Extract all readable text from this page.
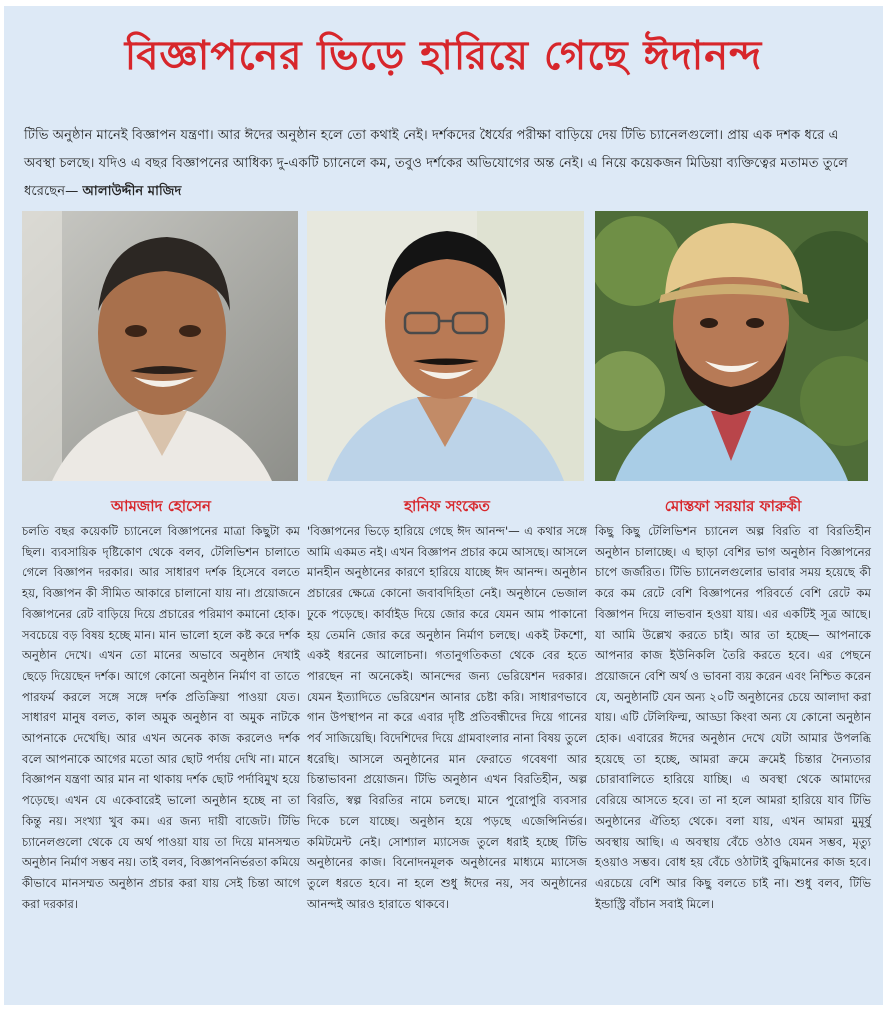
বিজ্ঞাপনের ভিড়ে হারিয়ে গেছে ঈদানন্দ
টিভি অনুষ্ঠান মানেই বিজ্ঞাপন যন্ত্রণা। আর ঈদের অনুষ্ঠান হলে তো কথাই নেই। দর্শকদের ধৈর্যের পরীক্ষা বাড়িয়ে দেয় টিভি চ্যানেলগুলো। প্রায় এক দশক ধরে এ অবস্থা চলছে। যদিও এ বছর বিজ্ঞাপনের আধিক্য দু-একটি চ্যানেলে কম, তবুও দর্শকের অভিযোগের অন্ত নেই। এ নিয়ে কয়েকজন মিডিয়া ব্যক্তিত্বের মতামত তুলে ধরেছেন— আলাউদ্দীন মাজিদ
আমজাদ হোসেন

চলতি বছর কয়েকটি চ্যানেলে বিজ্ঞাপনের মাত্রা কিছুটা কম ছিল। ব্যবসায়িক দৃষ্টিকোণ থেকে বলব, টেলিভিশন চালাতে গেলে বিজ্ঞাপন দরকার। আর সাধারণ দর্শক হিসেবে বলতে হয়, বিজ্ঞাপন কী সীমিত আকারে চালানো যায় না। প্রয়োজনে বিজ্ঞাপনের রেট বাড়িয়ে দিয়ে প্রচারের পরিমাণ কমানো হোক। সবচেয়ে বড় বিষয় হচ্ছে মান। মান ভালো হলে কষ্ট করে দর্শক অনুষ্ঠান দেখে। এখন তো মানের অভাবে অনুষ্ঠান দেখাই ছেড়ে দিয়েছেন দর্শক। আগে কোনো অনুষ্ঠান নির্মাণ বা তাতে পারফর্ম করলে সঙ্গে সঙ্গে দর্শক প্রতিক্রিয়া পাওয়া যেত। সাধারণ মানুষ বলত, কাল অমুক অনুষ্ঠান বা অমুক নাটকে আপনাকে দেখেছি। আর এখন অনেক কাজ করলেও দর্শক বলে আপনাকে আগের মতো আর ছোট পর্দায় দেখি না। মানে বিজ্ঞাপন যন্ত্রণা আর মান না থাকায় দর্শক ছোট পর্দাবিমুখ হয়ে পড়েছে। এখন যে একেবারেই ভালো অনুষ্ঠান হচ্ছে না তা কিন্তু নয়। সংখ্যা খুব কম। এর জন্য দায়ী বাজেট। টিভি চ্যানেলগুলো থেকে যে অর্থ পাওয়া যায় তা দিয়ে মানসম্মত অনুষ্ঠান নির্মাণ সম্ভব নয়। তাই বলব, বিজ্ঞাপননির্ভরতা কমিয়ে কীভাবে মানসম্মত অনুষ্ঠান প্রচার করা যায় সেই চিন্তা আগে করা দরকার।

হানিফ সংকেত

'বিজ্ঞাপনের ভিড়ে হারিয়ে গেছে ঈদ আনন্দ'— এ কথার সঙ্গে আমি একমত নই। এখন বিজ্ঞাপন প্রচার কমে আসছে। আসলে মানহীন অনুষ্ঠানের কারণে হারিয়ে যাচ্ছে ঈদ আনন্দ। অনুষ্ঠান প্রচারের ক্ষেত্রে কোনো জবাবদিহিতা নেই। অনুষ্ঠানে ভেজাল ঢুকে পড়েছে। কার্বাইড দিয়ে জোর করে যেমন আম পাকানো হয় তেমনি জোর করে অনুষ্ঠান নির্মাণ চলছে। একই টকশো, একই ধরনের আলোচনা। গতানুগতিকতা থেকে বের হতে পারছেন না অনেকেই। আনন্দের জন্য ভেরিয়েশন দরকার। যেমন ইত্যাদিতে ভেরিয়েশন আনার চেষ্টা করি। সাধারণভাবে গান উপস্থাপন না করে এবার দৃষ্টি প্রতিবন্ধীদের দিয়ে গানের পর্ব সাজিয়েছি। বিদেশিদের দিয়ে গ্রামবাংলার নানা বিষয় তুলে ধরেছি। আসলে অনুষ্ঠানের মান ফেরাতে গবেষণা আর চিন্তাভাবনা প্রয়োজন। টিভি অনুষ্ঠান এখন বিরতিহীন, অল্প বিরতি, স্বল্প বিরতির নামে চলছে। মানে পুরোপুরি ব্যবসার দিকে চলে যাচ্ছে। অনুষ্ঠান হয়ে পড়ছে এজেন্সিনির্ভর। কমিটমেন্ট নেই। সোশ্যাল ম্যাসেজ তুলে ধরাই হচ্ছে টিভি অনুষ্ঠানের কাজ। বিনোদনমূলক অনুষ্ঠানের মাধ্যমে ম্যাসেজ তুলে ধরতে হবে। না হলে শুধু ঈদের নয়, সব অনুষ্ঠানের আনন্দই আরও হারাতে থাকবে।

মোস্তফা সরয়ার ফারুকী

কিছু কিছু টেলিভিশন চ্যানেল অল্প বিরতি বা বিরতিহীন অনুষ্ঠান চালাচ্ছে। এ ছাড়া বেশির ভাগ অনুষ্ঠান বিজ্ঞাপনের চাপে জর্জরিত। টিভি চ্যানেলগুলোর ভাবার সময় হয়েছে কী করে কম রেটে বেশি বিজ্ঞাপনের পরিবর্তে বেশি রেটে কম বিজ্ঞাপন দিয়ে লাভবান হওয়া যায়। এর একটিই সূত্র আছে। যা আমি উল্লেখ করতে চাই। আর তা হচ্ছে— আপনাকে আপনার কাজ ইউনিকলি তৈরি করতে হবে। এর পেছনে প্রয়োজনে বেশি অর্থ ও ভাবনা ব্যয় করেন এবং নিশ্চিত করেন যে, অনুষ্ঠানটি যেন অন্য ২০টি অনুষ্ঠানের চেয়ে আলাদা করা যায়। এটি টেলিফিল্ম, আড্ডা কিংবা অন্য যে কোনো অনুষ্ঠান হোক। এবারের ঈদের অনুষ্ঠান দেখে যেটা আমার উপলব্ধি হয়েছে তা হচ্ছে, আমরা ক্রমে ক্রমেই চিন্তার দৈন্যতার চোরাবালিতে হারিয়ে যাচ্ছি। এ অবস্থা থেকে আমাদের বেরিয়ে আসতে হবে। তা না হলে আমরা হারিয়ে যাব টিভি অনুষ্ঠানের ঐতিহ্য থেকে। বলা যায়, এখন আমরা মুমূর্ষু অবস্থায় আছি। এ অবস্থায় বেঁচে ওঠাও যেমন সম্ভব, মৃত্যু হওয়াও সম্ভব। বোধ হয় বেঁচে ওঠাটাই বুদ্ধিমানের কাজ হবে। এরচেয়ে বেশি আর কিছু বলতে চাই না। শুধু বলব, টিভি ইন্ডাস্ট্রি বাঁচান সবাই মিলে।
